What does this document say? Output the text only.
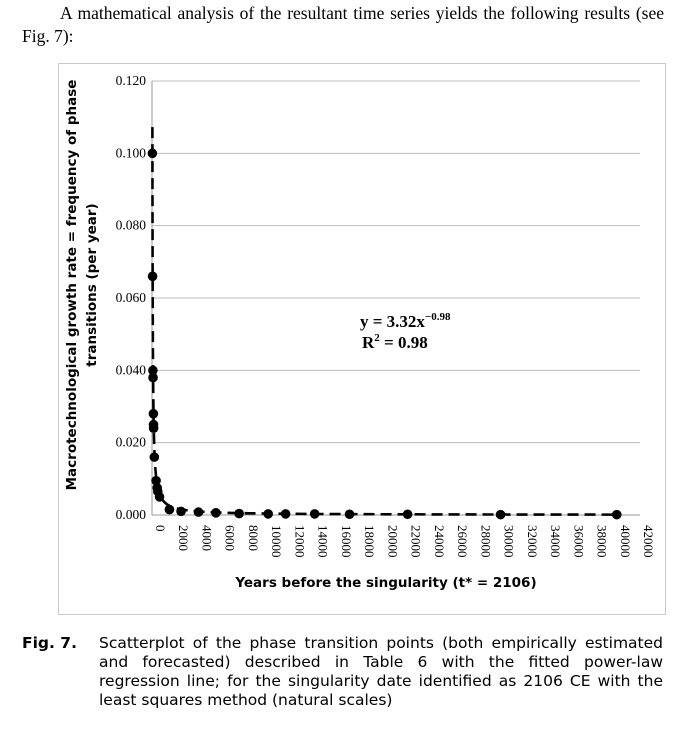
A mathematical analysis of the resultant time series yields the following results (see Fig. 7):

0.000
0.020
0.040
0.060
0.080
0.100
0.120
0 2000 4000 6000 8000 10000 12000 14000 16000 18000 20000 22000 24000 26000 28000 30000 32000 34000 36000 38000 40000 42000
Macrotechnological growth rate = frequency of phase transitions (per year)
Years before the singularity (t* = 2106)
$y = 3.32x^{-0.98}$
$R^2 = 0.98$

Fig. 7. Scatterplot of the phase transition points (both empirically estimated and forecasted) described in Table 6 with the fitted power-law regression line; for the singularity date identified as 2106 CE with the least squares method (natural scales)
